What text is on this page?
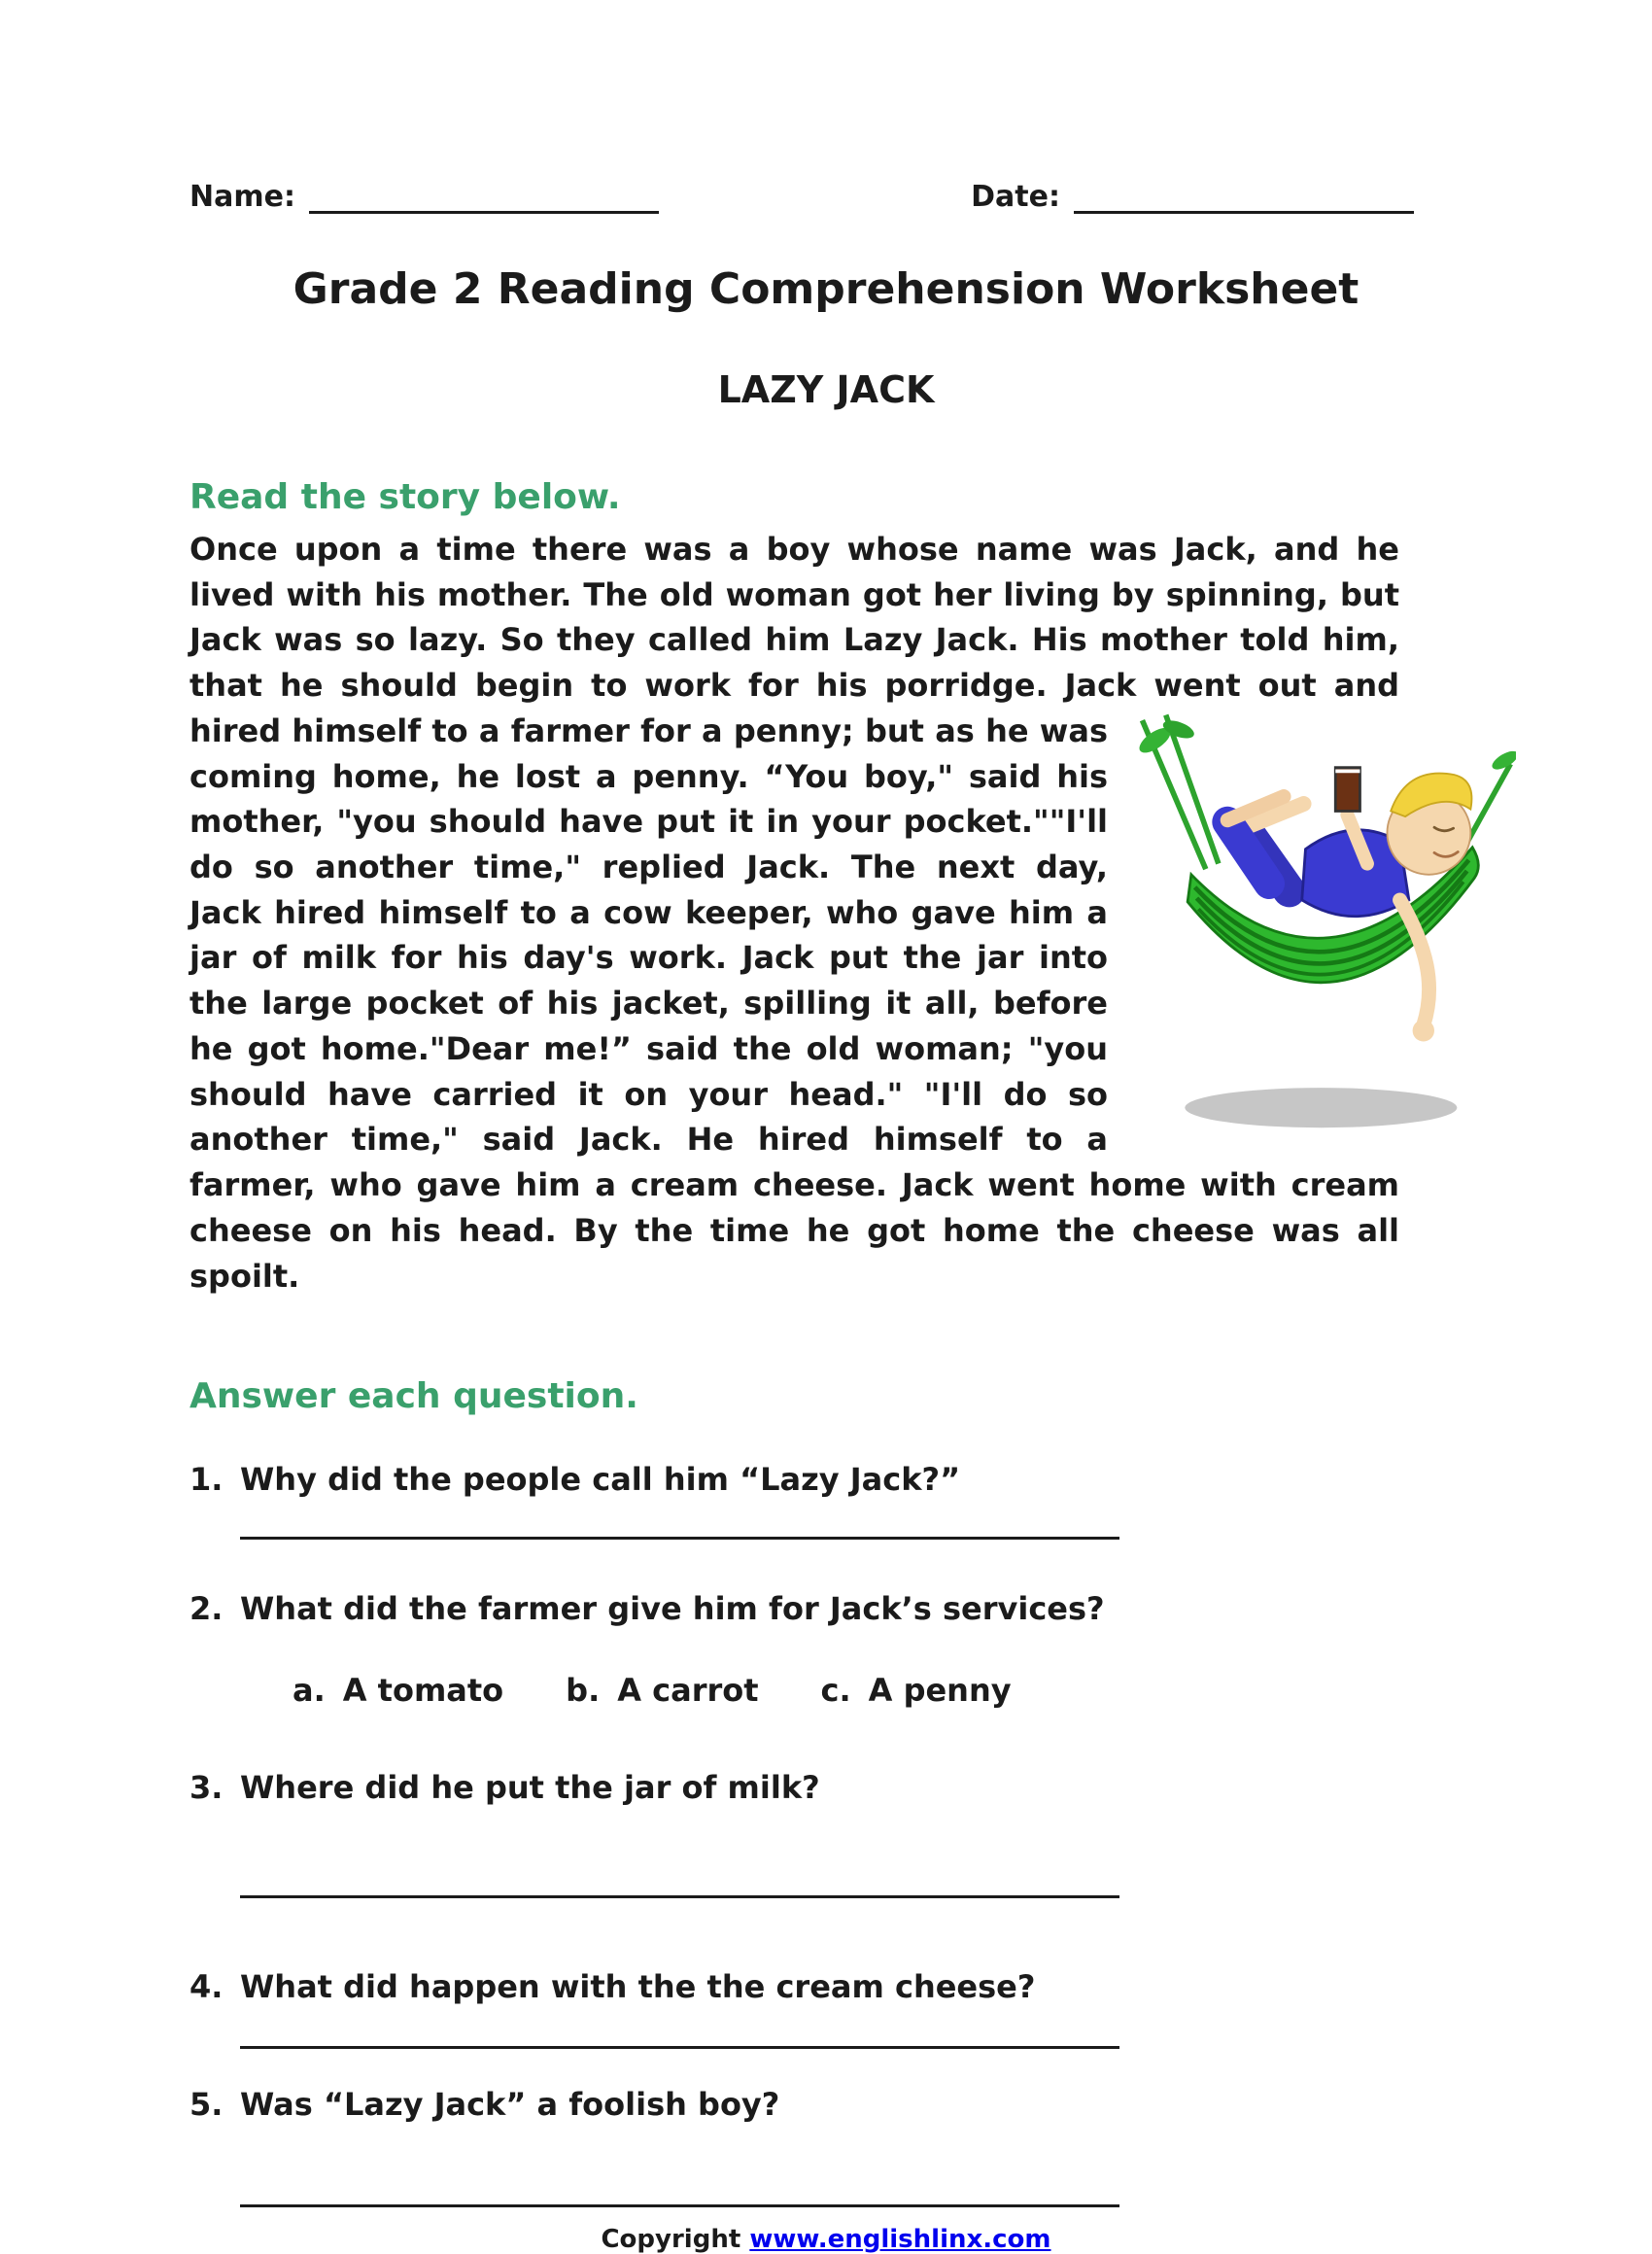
Name:	Date:
Grade 2 Reading Comprehension Worksheet
LAZY JACK
Read the story below.

Once upon a time there was a boy whose name was Jack, and he lived with his mother. The old woman got her living by spinning, but Jack was so lazy. So they called him Lazy Jack. His mother told him, that he should begin to work for his porridge. Jack went out and hired himself to a farmer for a penny; but as he was coming home, he lost a penny. “You boy," said his mother, "you should have put it in your pocket.""I'll do so another time," replied Jack. The next day, Jack hired himself to a cow keeper, who gave him a jar of milk for his day's work. Jack put the jar into the large pocket of his jacket, spilling it all, before he got home."Dear me!” said the old woman; "you should have carried it on your head." "I'll do so another time," said Jack. He hired himself to a farmer, who gave him a cream cheese. Jack went home with cream cheese on his head. By the time he got home the cheese was all spoilt.

Answer each question.
1. Why did the people call him “Lazy Jack?”
2. What did the farmer give him for Jack’s services?
a. A tomato b. A carrot c. A penny
3. Where did he put the jar of milk?
4. What did happen with the the cream cheese?
5. Was “Lazy Jack” a foolish boy?
Copyright www.englishlinx.com
